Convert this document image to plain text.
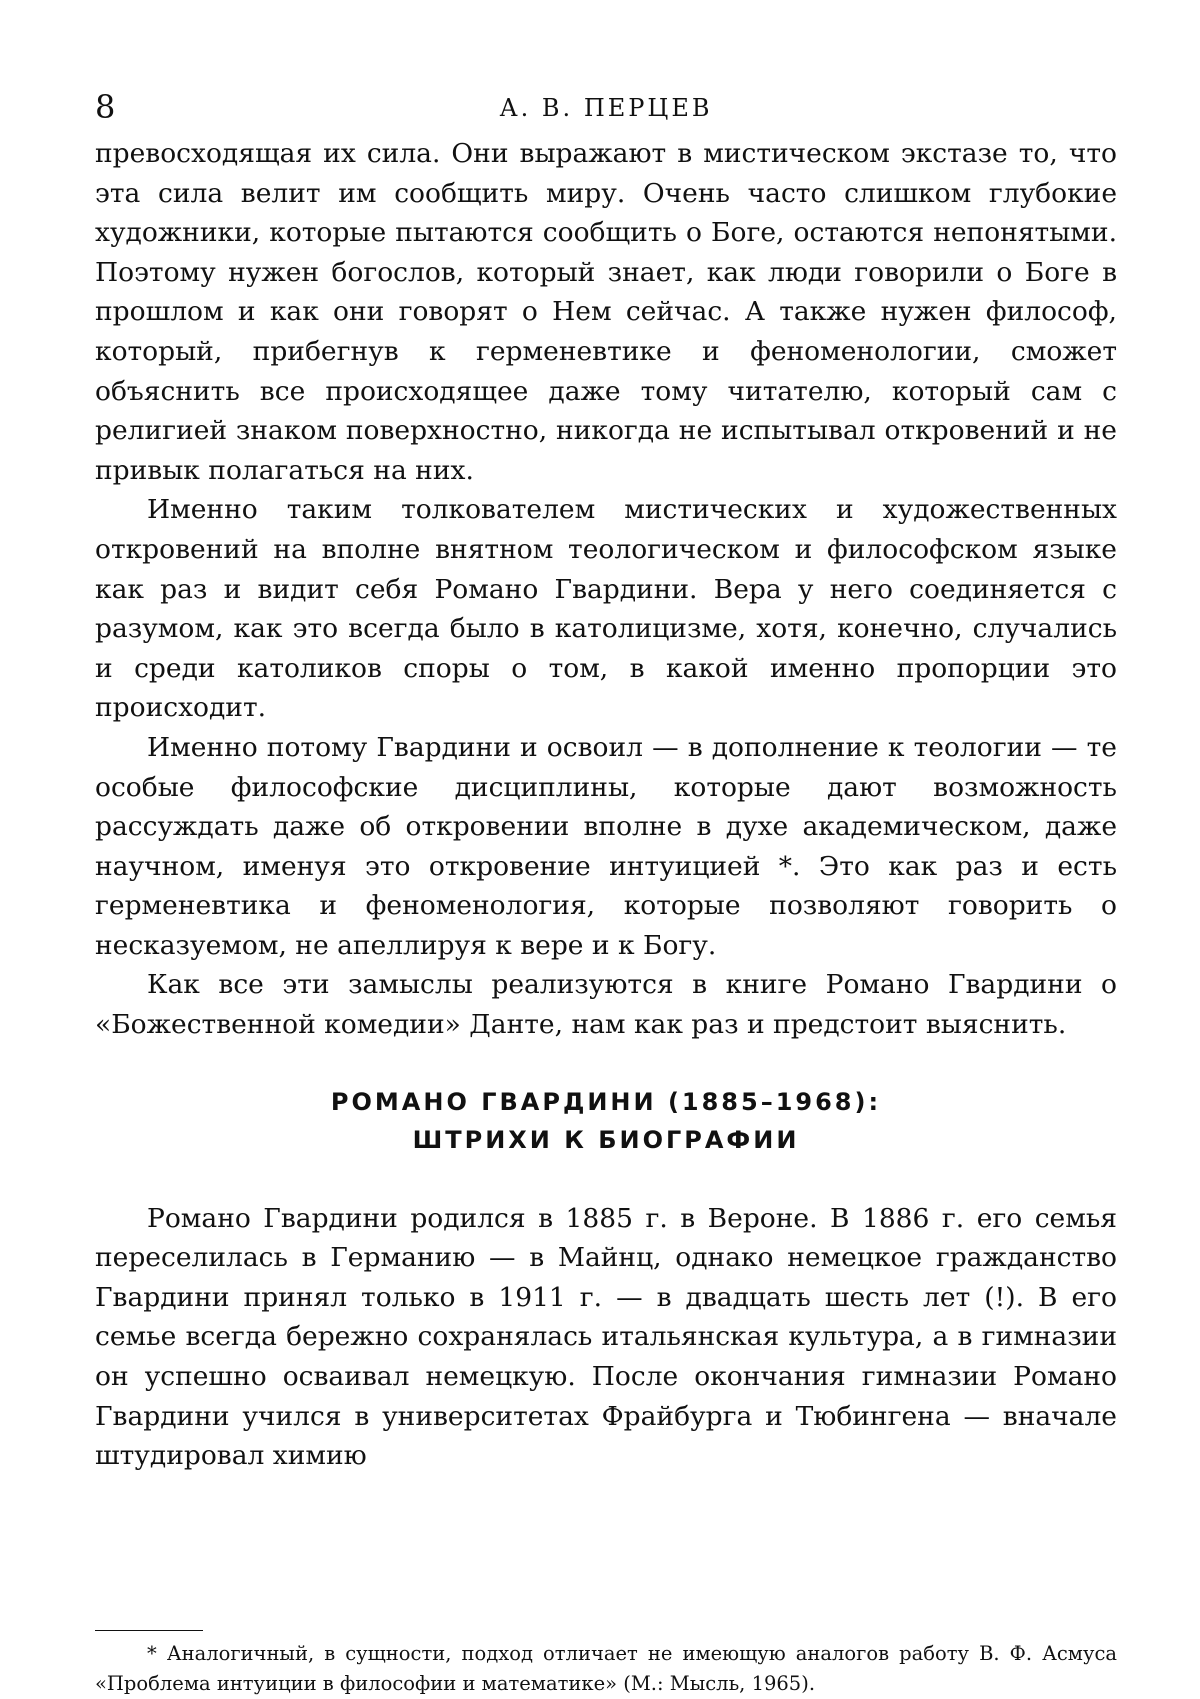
8	А. В. ПЕРЦЕВ

превосходящая их сила. Они выражают в мистическом экстазе то, что эта сила велит им сообщить миру. Очень часто слишком глубокие художники, которые пытаются сообщить о Боге, остаются непонятыми. Поэтому нужен богослов, который знает, как люди говорили о Боге в прошлом и как они говорят о Нем сейчас. А также нужен философ, который, прибегнув к герменевтике и феноменологии, сможет объяснить все происходящее даже тому читателю, который сам с религией знаком поверхностно, никогда не испытывал откровений и не привык полагаться на них.

Именно таким толкователем мистических и художественных откровений на вполне внятном теологическом и философском языке как раз и видит себя Романо Гвардини. Вера у него соединяется с разумом, как это всегда было в католицизме, хотя, конечно, случались и среди католиков споры о том, в какой именно пропорции это происходит.

Именно потому Гвардини и освоил — в дополнение к теологии — те особые философские дисциплины, которые дают возможность рассуждать даже об откровении вполне в духе академическом, даже научном, именуя это откровение интуицией *. Это как раз и есть герменевтика и феноменология, которые позволяют говорить о несказуемом, не апеллируя к вере и к Богу.

Как все эти замыслы реализуются в книге Романо Гвардини о «Божественной комедии» Данте, нам как раз и предстоит выяснить.

РОМАНО ГВАРДИНИ (1885–1968):
ШТРИХИ К БИОГРАФИИ

Романо Гвардини родился в 1885 г. в Вероне. В 1886 г. его семья переселилась в Германию — в Майнц, однако немецкое гражданство Гвардини принял только в 1911 г. — в двадцать шесть лет (!). В его семье всегда бережно сохранялась итальянская культура, а в гимназии он успешно осваивал немецкую. После окончания гимназии Романо Гвардини учился в университетах Фрайбурга и Тюбингена — вначале штудировал химию

* Аналогичный, в сущности, подход отличает не имеющую аналогов работу В. Ф. Асмуса «Проблема интуиции в философии и математике» (М.: Мысль, 1965).
